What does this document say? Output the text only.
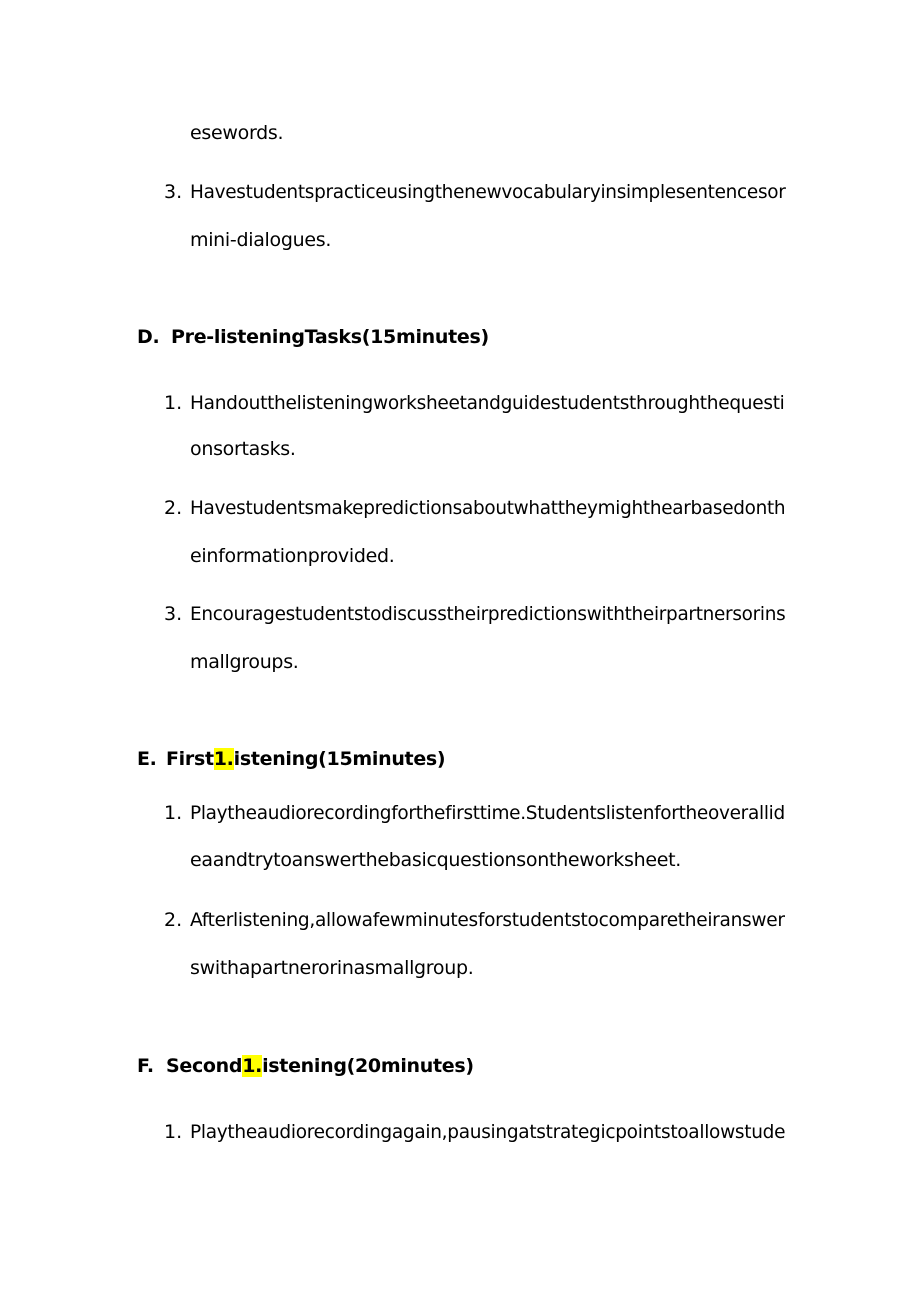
esewords.
3. Havestudentspracticeusingthenewvocabularyinsimplesentencesor
mini-dialogues.
D. Pre-listeningTasks(15minutes)
1. Handoutthelisteningworksheetandguidestudentsthroughthequesti
onsortasks.
2. Havestudentsmakepredictionsaboutwhattheymighthearbasedonth
einformationprovided.
3. Encouragestudentstodiscusstheirpredictionswiththeirpartnersorins
mallgroups.
E. First1.istening(15minutes)
1. Playtheaudiorecordingforthefirsttime.Studentslistenfortheoverallid
eaandtrytoanswerthebasicquestionsontheworksheet.
2. Afterlistening,allowafewminutesforstudentstocomparetheiranswer
swithapartnerorinasmallgroup.
F. Second1.istening(20minutes)
1. Playtheaudiorecordingagain,pausingatstrategicpointstoallowstude
